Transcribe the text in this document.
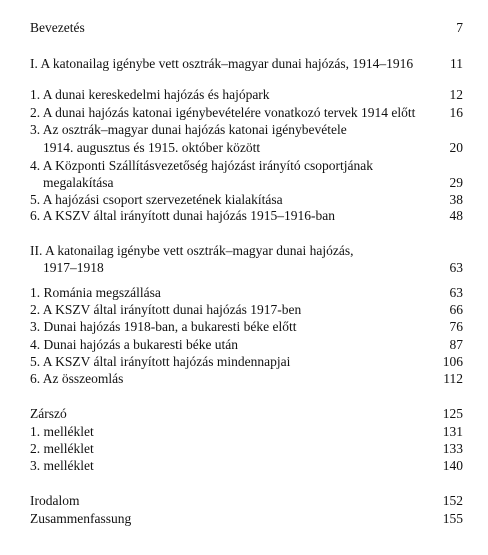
Bevezetés	7
I. A katonailag igénybe vett osztrák–magyar dunai hajózás, 1914–1916	11
1. A dunai kereskedelmi hajózás és hajópark	12
2. A dunai hajózás katonai igénybevételére vonatkozó tervek 1914 előtt	16
3. Az osztrák–magyar dunai hajózás katonai igénybevétele
1914. augusztus és 1915. október között	20
4. A Központi Szállításvezetőség hajózást irányító csoportjának
megalakítása	29
5. A hajózási csoport szervezetének kialakítása	38
6. A KSZV által irányított dunai hajózás 1915–1916-ban	48
II. A katonailag igénybe vett osztrák–magyar dunai hajózás,
1917–1918	63
1. Románia megszállása	63
2. A KSZV által irányított dunai hajózás 1917-ben	66
3. Dunai hajózás 1918-ban, a bukaresti béke előtt	76
4. Dunai hajózás a bukaresti béke után	87
5. A KSZV által irányított hajózás mindennapjai	106
6. Az összeomlás	112
Zárszó	125
1. melléklet	131
2. melléklet	133
3. melléklet	140
Irodalom	152
Zusammenfassung	155
